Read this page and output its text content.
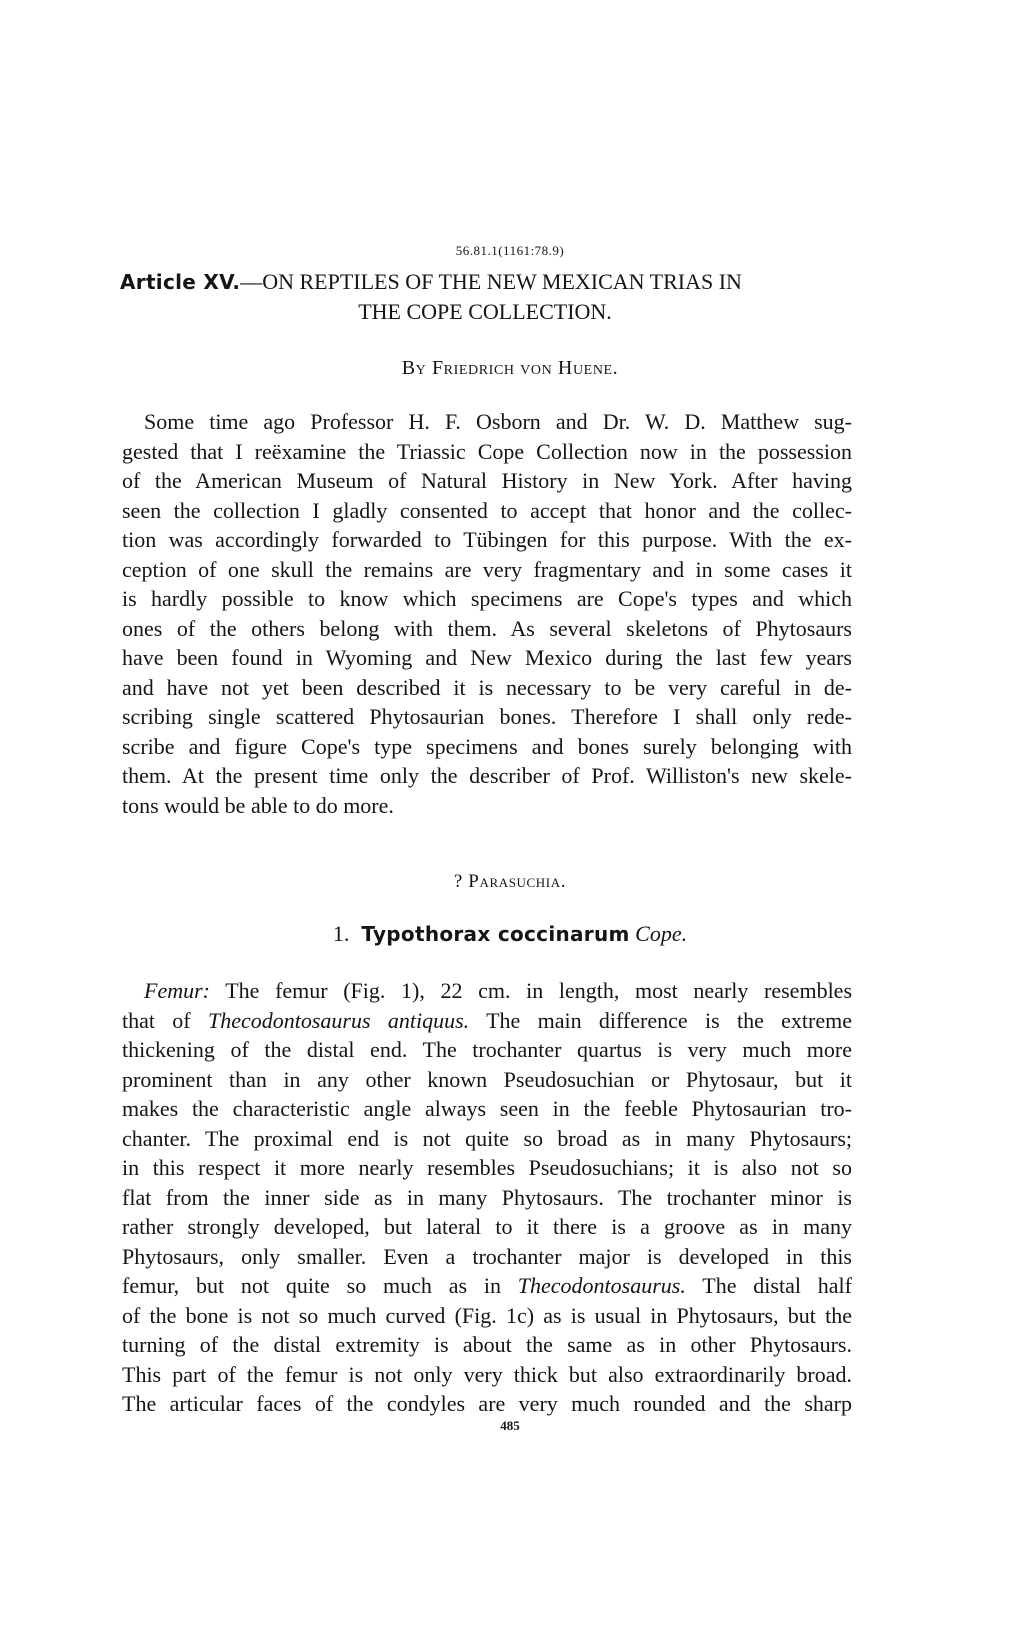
56.81.1(1161:78.9)
Article XV.—ON REPTILES OF THE NEW MEXICAN TRIAS IN
THE COPE COLLECTION.
By Friedrich von Huene.
Some time ago Professor H. F. Osborn and Dr. W. D. Matthew sug-
gested that I reëxamine the Triassic Cope Collection now in the possession
of the American Museum of Natural History in New York. After having
seen the collection I gladly consented to accept that honor and the collec-
tion was accordingly forwarded to Tübingen for this purpose. With the ex-
ception of one skull the remains are very fragmentary and in some cases it
is hardly possible to know which specimens are Cope's types and which
ones of the others belong with them. As several skeletons of Phytosaurs
have been found in Wyoming and New Mexico during the last few years
and have not yet been described it is necessary to be very careful in de-
scribing single scattered Phytosaurian bones. Therefore I shall only rede-
scribe and figure Cope's type specimens and bones surely belonging with
them. At the present time only the describer of Prof. Williston's new skele-
tons would be able to do more.
? Parasuchia.
1. Typothorax coccinarum Cope.
Femur: The femur (Fig. 1), 22 cm. in length, most nearly resembles
that of Thecodontosaurus antiquus. The main difference is the extreme
thickening of the distal end. The trochanter quartus is very much more
prominent than in any other known Pseudosuchian or Phytosaur, but it
makes the characteristic angle always seen in the feeble Phytosaurian tro-
chanter. The proximal end is not quite so broad as in many Phytosaurs;
in this respect it more nearly resembles Pseudosuchians; it is also not so
flat from the inner side as in many Phytosaurs. The trochanter minor is
rather strongly developed, but lateral to it there is a groove as in many
Phytosaurs, only smaller. Even a trochanter major is developed in this
femur, but not quite so much as in Thecodontosaurus. The distal half
of the bone is not so much curved (Fig. 1c) as is usual in Phytosaurs, but the
turning of the distal extremity is about the same as in other Phytosaurs.
This part of the femur is not only very thick but also extraordinarily broad.
The articular faces of the condyles are very much rounded and the sharp
485
